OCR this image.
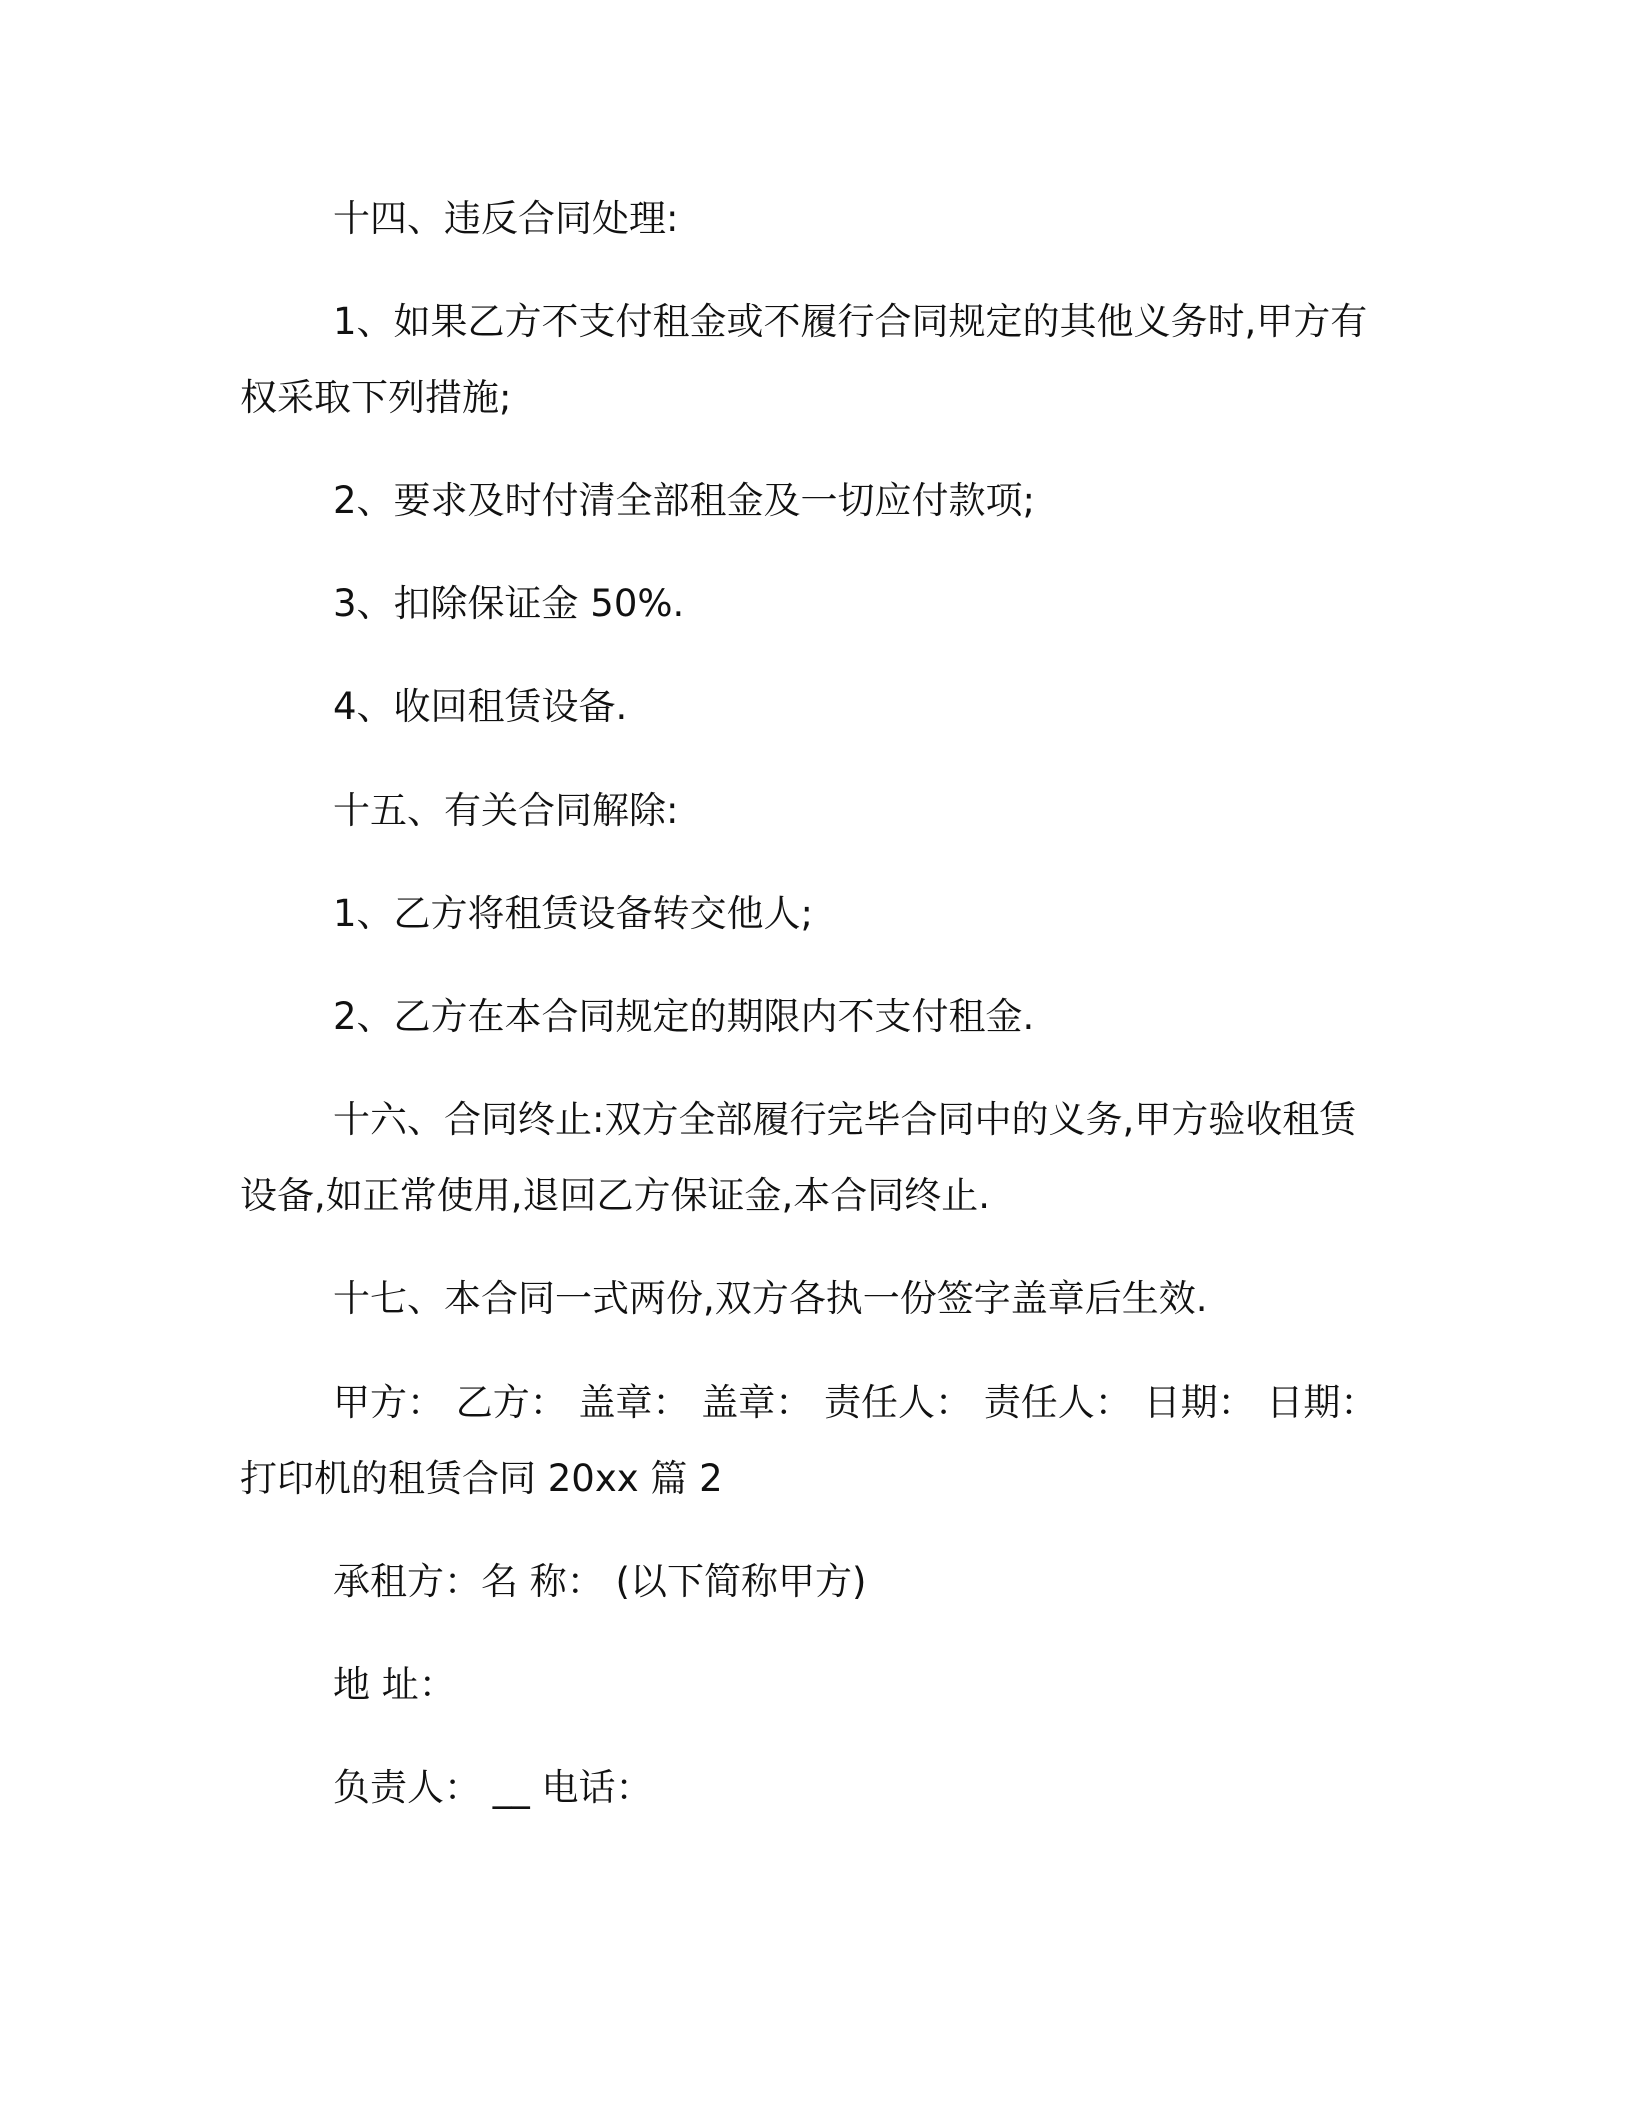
十四、违反合同处理:

1、如果乙方不支付租金或不履行合同规定的其他义务时,甲方有

权采取下列措施;

2、要求及时付清全部租金及一切应付款项;

3、扣除保证金 50%.

4、收回租赁设备.

十五、有关合同解除:

1、乙方将租赁设备转交他人;

2、乙方在本合同规定的期限内不支付租金.

十六、合同终止:双方全部履行完毕合同中的义务,甲方验收租赁

设备,如正常使用,退回乙方保证金,本合同终止.

十七、本合同一式两份,双方各执一份签字盖章后生效.

甲方： 乙方： 盖章： 盖章： 责任人： 责任人： 日期： 日期：

打印机的租赁合同 20xx 篇 2

承租方：名 称： (以下简称甲方)

地 址：

负责人： __ 电话：
